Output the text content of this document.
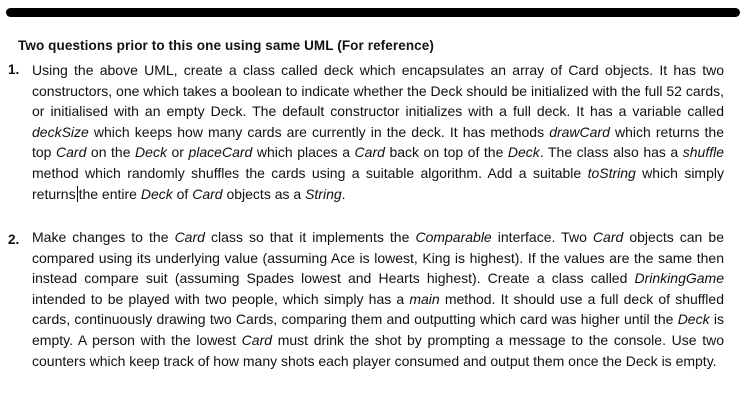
Two questions prior to this one using same UML (For reference)
1. Using the above UML, create a class called deck which encapsulates an array of Card objects. It has two constructors, one which takes a boolean to indicate whether the Deck should be initialized with the full 52 cards, or initialised with an empty Deck. The default constructor initializes with a full deck. It has a variable called deckSize which keeps how many cards are currently in the deck. It has methods drawCard which returns the top Card on the Deck or placeCard which places a Card back on top of the Deck. The class also has a shuffle method which randomly shuffles the cards using a suitable algorithm. Add a suitable toString which simply returns the entire Deck of Card objects as a String.
2. Make changes to the Card class so that it implements the Comparable interface. Two Card objects can be compared using its underlying value (assuming Ace is lowest, King is highest). If the values are the same then instead compare suit (assuming Spades lowest and Hearts highest). Create a class called DrinkingGame intended to be played with two people, which simply has a main method. It should use a full deck of shuffled cards, continuously drawing two Cards, comparing them and outputting which card was higher until the Deck is empty. A person with the lowest Card must drink the shot by prompting a message to the console. Use two counters which keep track of how many shots each player consumed and output them once the Deck is empty.
